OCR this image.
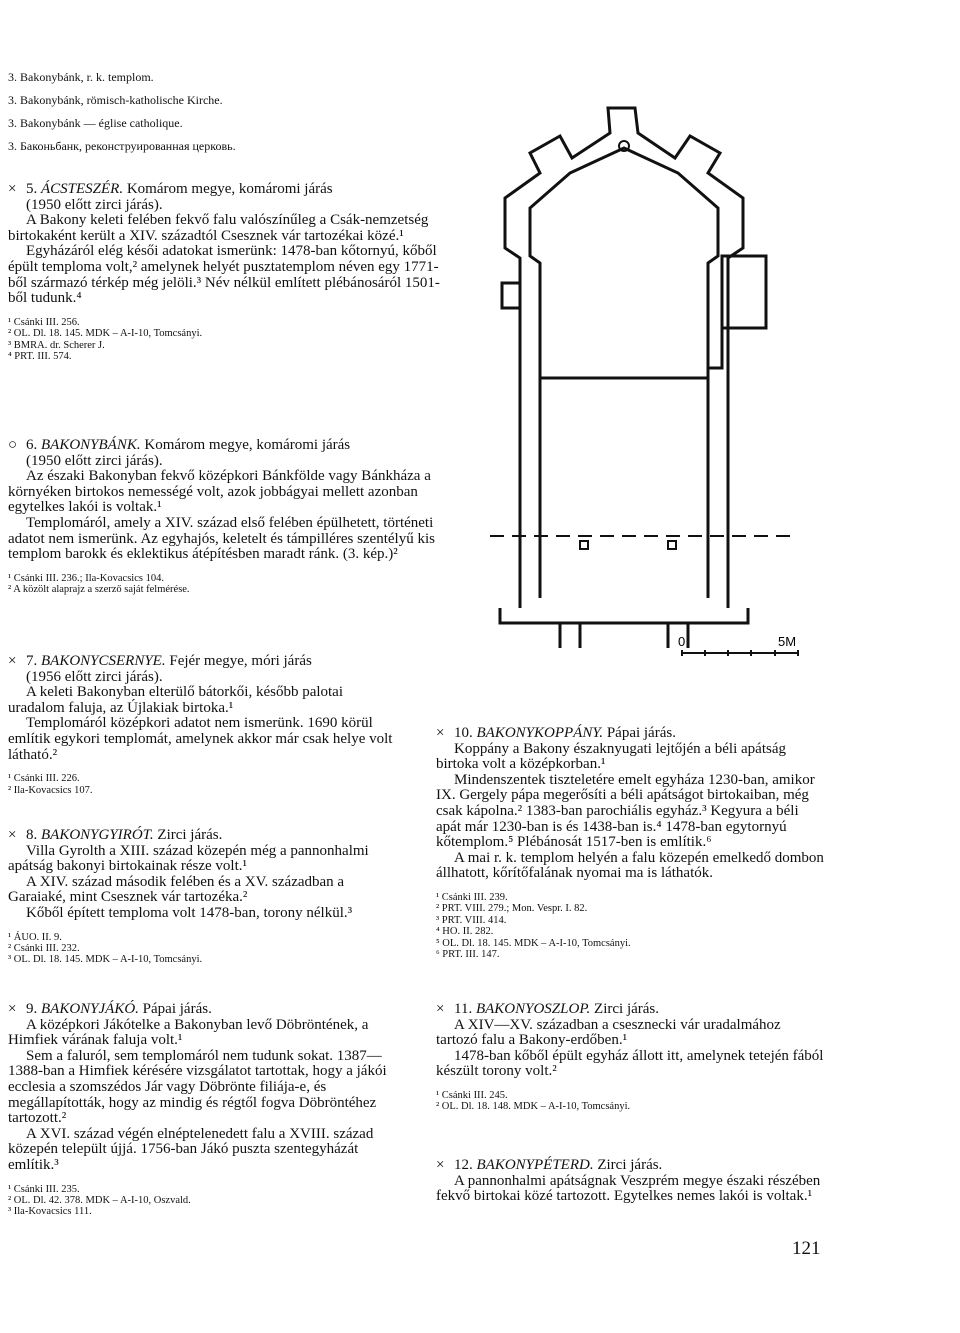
3. Bakonybánk, r. k. templom.
3. Bakonybánk, römisch-katholische Kirche.
3. Bakonybánk — église catholique.
3. Баконьбанк, реконструированная церковь.

× 5. ÁCSTESZÉR. Komárom megye, komáromi járás

(1950 előtt zirci járás).

A Bakony keleti felében fekvő falu valószínűleg a Csák-nemzetség birtokaként került a XIV. századtól Csesznek vár tartozékai közé.¹

Egyházáról elég késői adatokat ismerünk: 1478-ban kőtornyú, kőből épült temploma volt,² amelynek helyét pusztatemplom néven egy 1771-ből származó térkép még jelöli.³ Név nélkül említett plébánosáról 1501-ből tudunk.⁴

¹ Csánki III. 256.
² OL. Dl. 18. 145. MDK – A-I-10, Tomcsányi.
³ BMRA. dr. Scherer J.
⁴ PRT. III. 574.

○ 6. BAKONYBÁNK. Komárom megye, komáromi járás

(1950 előtt zirci járás).

Az északi Bakonyban fekvő középkori Bánkfölde vagy Bánkháza a környéken birtokos nemességé volt, azok jobbágyai mellett azonban egytelkes lakói is voltak.¹

Templomáról, amely a XIV. század első felében épülhetett, történeti adatot nem ismerünk. Az egyhajós, keletelt és támpilléres szentélyű kis templom barokk és eklektikus átépítésben maradt ránk. (3. kép.)²

¹ Csánki III. 236.; Ila-Kovacsics 104.
² A közölt alaprajz a szerző saját felmérése.

× 7. BAKONYCSERNYE. Fejér megye, móri járás

(1956 előtt zirci járás).

A keleti Bakonyban elterülő bátorkői, később palotai uradalom faluja, az Újlakiak birtoka.¹

Templomáról középkori adatot nem ismerünk. 1690 körül említik egykori templomát, amelynek akkor már csak helye volt látható.²

¹ Csánki III. 226.
² Ila-Kovacsics 107.

× 8. BAKONYGYIRÓT. Zirci járás.

Villa Gyrolth a XIII. század közepén még a pannonhalmi apátság bakonyi birtokainak része volt.¹

A XIV. század második felében és a XV. században a Garaiaké, mint Csesznek vár tartozéka.²

Kőből épített temploma volt 1478-ban, torony nélkül.³

¹ ÁUO. II. 9.
² Csánki III. 232.
³ OL. Dl. 18. 145. MDK – A-I-10, Tomcsányi.

× 9. BAKONYJÁKÓ. Pápai járás.

A középkori Jákótelke a Bakonyban levő Döbröntének, a Himfiek várának faluja volt.¹

Sem a faluról, sem templomáról nem tudunk sokat. 1387—1388-ban a Himfiek kérésére vizsgálatot tartottak, hogy a jákói ecclesia a szomszédos Jár vagy Döbrönte filiája-e, és megállapították, hogy az mindig és régtől fogva Döbröntéhez tartozott.²

A XVI. század végén elnéptelenedett falu a XVIII. század közepén települt újjá. 1756-ban Jákó puszta szentegyházát említik.³

¹ Csánki III. 235.
² OL. Dl. 42. 378. MDK – A-I-10, Oszvald.
³ Ila-Kovacsics 111.

× 10. BAKONYKOPPÁNY. Pápai járás.

Koppány a Bakony északnyugati lejtőjén a béli apátság birtoka volt a középkorban.¹

Mindenszentek tiszteletére emelt egyháza 1230-ban, amikor IX. Gergely pápa megerősíti a béli apátságot birtokaiban, még csak kápolna.² 1383-ban parochiális egyház.³ Kegyura a béli apát már 1230-ban is és 1438-ban is.⁴ 1478-ban egytornyú kőtemplom.⁵ Plébánosát 1517-ben is említik.⁶

A mai r. k. templom helyén a falu közepén emelkedő dombon állhatott, kőrítőfalának nyomai ma is láthatók.

¹ Csánki III. 239.
² PRT. VIII. 279.; Mon. Vespr. I. 82.
³ PRT. VIII. 414.
⁴ HO. II. 282.
⁵ OL. Dl. 18. 145. MDK – A-I-10, Tomcsányi.
⁶ PRT. III. 147.

× 11. BAKONYOSZLOP. Zirci járás.

A XIV—XV. században a csesznecki vár uradalmához tartozó falu a Bakony-erdőben.¹

1478-ban kőből épült egyház állott itt, amelynek tetején fából készült torony volt.²

¹ Csánki III. 245.
² OL. Dl. 18. 148. MDK – A-I-10, Tomcsányi.

× 12. BAKONYPÉTERD. Zirci járás.

A pannonhalmi apátságnak Veszprém megye északi részében fekvő birtokai közé tartozott. Egytelkes nemes lakói is voltak.¹

0	5M
121
